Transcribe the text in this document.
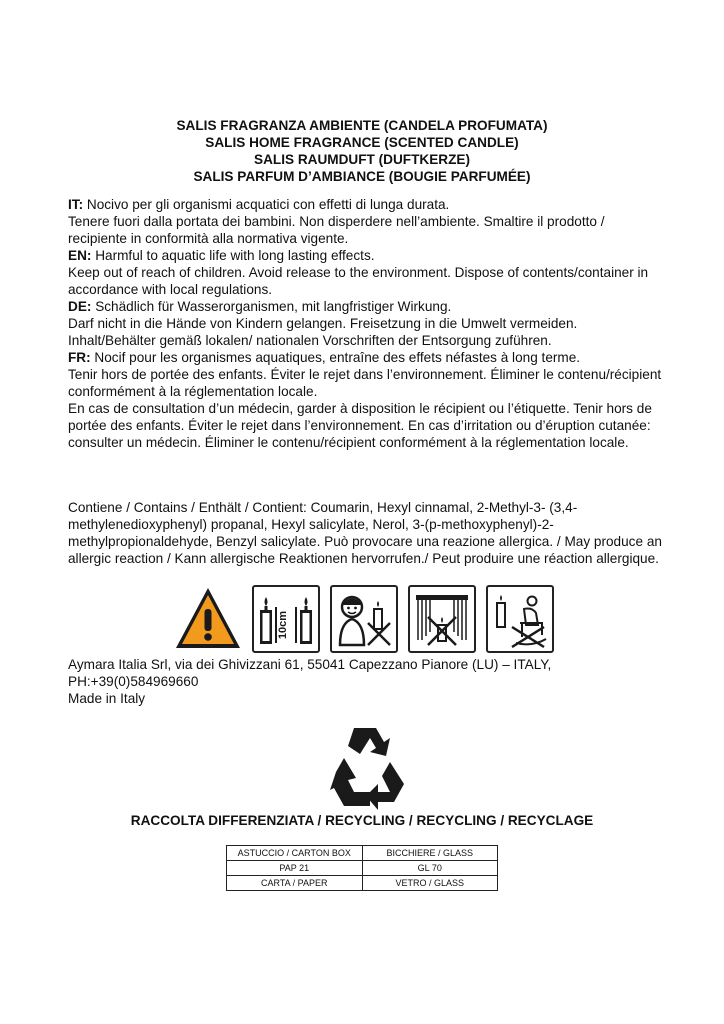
SALIS FRAGRANZA AMBIENTE (CANDELA PROFUMATA)
SALIS HOME FRAGRANCE (SCENTED CANDLE)
SALIS RAUMDUFT (DUFTKERZE)
SALIS PARFUM D’AMBIANCE (BOUGIE PARFUMÉE)

IT: Nocivo per gli organismi acquatici con effetti di lunga durata.

Tenere fuori dalla portata dei bambini. Non disperdere nell’ambiente. Smaltire il prodotto / recipiente in conformità alla normativa vigente.

EN: Harmful to aquatic life with long lasting effects.

Keep out of reach of children. Avoid release to the environment. Dispose of contents/container in accordance with local regulations.

DE: Schädlich für Wasserorganismen, mit langfristiger Wirkung.

Darf nicht in die Hände von Kindern gelangen. Freisetzung in die Umwelt vermeiden. Inhalt/Behälter gemäß lokalen/ nationalen Vorschriften der Entsorgung zuführen.

FR: Nocif pour les organismes aquatiques, entraîne des effets néfastes à long terme.

Tenir hors de portée des enfants. Éviter le rejet dans l’environnement. Éliminer le contenu/récipient conformément à la réglementation locale.

En cas de consultation d’un médecin, garder à disposition le récipient ou l’étiquette. Tenir hors de portée des enfants. Éviter le rejet dans l’environnement. En cas d’irritation ou d’éruption cutanée: consulter un médecin. Éliminer le contenu/récipient conformément à la réglementation locale.

Contiene / Contains / Enthält / Contient: Coumarin, Hexyl cinnamal, 2-Methyl-3- (3,4-methylenedioxyphenyl) propanal, Hexyl salicylate, Nerol, 3-(p-methoxyphenyl)-2-methylpropionaldehyde, Benzyl salicylate. Può provocare una reazione allergica. / May produce an allergic reaction / Kann allergische Reaktionen hervorrufen./ Peut produire une réaction allergique.

10cm
Aymara Italia Srl, via dei Ghivizzani 61, 55041 Capezzano Pianore (LU) – ITALY,
PH:+39(0)584969660
Made in Italy
RACCOLTA DIFFERENZIATA / RECYCLING / RECYCLING / RECYCLAGE
ASTUCCIO / CARTON BOX	BICCHIERE / GLASS
PAP 21	GL 70
CARTA / PAPER	VETRO / GLASS
